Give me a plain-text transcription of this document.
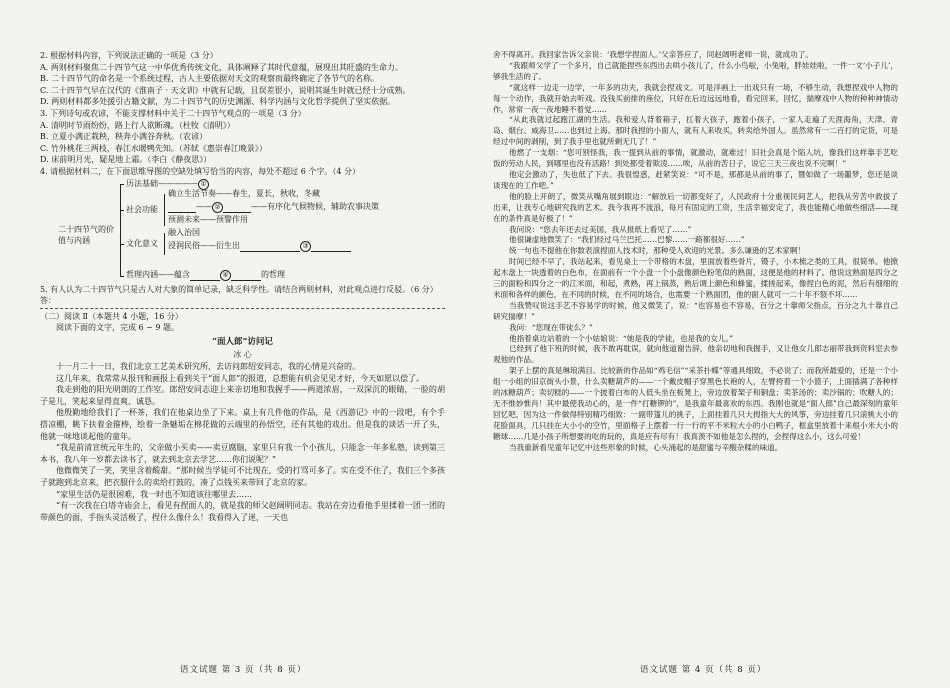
2. 根据材料内容，下列说法正确的一项是（3 分）

A. 两则材料聚焦二十四节气这一中华优秀传统文化，具体阐释了其时代意蕴，展现出其旺盛的生命力。

B. 二十四节气的命名是一个系统过程，古人主要依据对天文的观察而最终确定了各节气的名称。

C. 二十四节气早在汉代的《淮南子 · 天文训》中就有记载，且误差很小，说明其诞生时就已经十分成熟。

D. 两则材料都多处援引古籍文献，为二十四节气的历史渊源、科学内涵与文化哲学提供了坚实依据。

3. 下列诗句或农谚，不能支撑材料中关于二十四节气观点的一项是（3 分）

A. 清明时节雨纷纷，路上行人欲断魂。（杜牧《清明》）

B. 立夏小满正栽秧，秧奔小满谷奔秋。（农谚）

C. 竹外桃花三两枝，春江水暖鸭先知。（苏轼《惠崇春江晚景》）

D. 床前明月光，疑是地上霜。（李白《静夜思》）

4. 请根据材料二，在下面思维导图的空缺处填写恰当的内容，每处不超过 6 个字。（4 分）

二十四节气的价值与内涵
历法基础————— ①
社会功能
确立生活节奏——春生，夏长，秋收，冬藏
—— ②	——有序化气候物候，辅助农事决策
预测未来——预警作用
文化意义
融入治国
浸润民俗——衍生出	③
哲理内涵——蕴含	④	的哲理

5. 有人认为二十四节气只是古人对大象的简单记录，缺乏科学性。请结合两则材料，对此观点进行反驳。（6 分）

答：

（二）阅读 Ⅱ（本题共 4 小题，16 分）

阅读下面的文字，完成 6 ~ 9 题。

“面人郎”访问记

冰 心

十一月二十一日，我们北京工艺美术研究所，去访问郎绍安同志，我的心情是兴奋的。

这几年来，我常常从报刊和画报上看到关于“面人郎”的报道，总想能有机会见见才好，今天如愿以偿了。

我走到他的阳光明朗的工作室。郎绍安同志迎上来亲切地和我握手——两道浓眉，一双深沉的眼睛，一脸的胡子是儿，笑起来显得直爽、诚恳。

他殷勤地给我们了一杯茶，我们在他桌边坐了下来。桌上有几件他的作品，是《西游记》中的一段吧，有个手搭凉棚，眺下扶着金箍棒，绘着一条魅垢在棉花做的云端里的孙悟空，还有其他的戏出。但是我的谈话一开了头，他就一味地谈起他的童年。

“我是前清宣统元年生的，父亲做小买卖——卖豆腐脑，家里只有我一个小孩儿，只能念一年多私塾，读到第三本书，我八年一岁都去读书了，就去到北京去学艺……你们说呢？”

他微微笑了一笑，笑里含着酸甜。“那时候当学徒可不比现在，受的打骂可多了。实在受不住了，我们三个多孩子就跑到北京来，把衣服什么的卖给打鼓的，凑了点钱买来带回了北京的家。

“家里生活仍是很困难，我一时也不知道该往哪里去……

“有一次我在白塔寺庙会上，看见有捏面人的，就是我的师父赵阔明同志。我站在旁边看他手里揉着一团一团的带颜色的面，手指头灵活极了，捏什么像什么！我看得入了迷，一天也

舍不得离开。我回家告诉父亲说：‘我想学捏面人。’父亲答应了，同赵阔明老师一说，就成功了。

“我跟师父学了一个多月，自己就能捏些东西出去哄小孩儿了，什么小鸟啦，小兔啦，胖娃娃啦，一件一文‘小子儿’，够我生活的了。

“就这样一边走一边学，一年多的功夫，我就会捏戏文。可是洋画上一出戏只有一场，不够生动，我想捏戏中人物的每一个动作，我就开始去听戏。没钱买前排的座位，只好在后边远远地看，看完回来，回忆，揣摩戏中人物的种种神情动作，常常一夜一夜地睡不着觉……

“从此我就过起跑江湖的生活。我和爱人背着箱子，扛着大孩子，跑着小孩子，一家人走遍了天涯海角，天津、青岛、烟台、威海卫……也到过上海。那时我捏的小面人，就有人来收买，转卖给外国人。虽然常有一二百打的定货，可是经过中间的剥削，到了我手里也就所剩无几了！”

他燃了一支烟：“您可别怪我，我一提到从前的事情，就激动，就难过！旧社会真是个陷人坑，像我们这样靠手艺吃饭的劳动人民，到哪里也没有活路！到处都受着欺凌……唉，从前的苦日子，说它三天三夜也说不完啊！”

他定会激动了，失也低了下去。我很惶惑，赶紧笑说：“可不是，那都是从前的事了，暨如做了一场噩梦，您还是谈谈现在的工作吧。”

他的脸上开朗了，微笑从嘴角展到眼边：“解放后一切都变好了，人民政府十分重视民间艺人，把我从劳苦中救拔了出来，让我专心地研究我的艺术。我今我再不流浪，每月有固定的工资，生活幸福安定了，我也能精心地做些细活——现在的条件真是好极了！”

我问说：“您去年还去过美国，我从报纸上看见了……”

他很谦虚地微笑了：“我们经过马兰巴托……巴黎……一路都很好……”

统一句也不提他在你数表演捏面人技术时，那种受人欢迎的光景。多么谦逊的艺术家啊！

时间已经不早了，我站起来，看见桌上一个带格的木盘，里面放着些骨片，镊子，小木梳之类的工具，很简单。他掀起木盘上一块透着的白色布，在面前有一个小盘一个小盘像颜色粉笔似的熟面，这便是他的材料了。他说这熟面是四分之三的面粉和四分之一的江米面，和起，煮熟，再上锅蒸，熟后调上颜色和蜂蜜，揉搓起来，像捏白色的泥，然后有细细的米面和各样的颜色，在不同的时候，在不同的场合，也需要一个熟面团，他的面人就可一二十年不裂不坏……

当我赞叹说这手艺不容易学的时候，他又微笑了，说：“也容易也不容易，百分之十靠师父指点，百分之九十靠自己研究揣摩！”

我问：“您现在带徒么？”

他指着桌边站着的一个小姑娘说：“她是我的学徒，也是我的女儿。”

已经到了他下班的时候，我不敢再耽误，就向他道谢告辞，他亲切地和我握手，又让他女儿郎志丽带我到资料室去参观他的作品。

架子上摆的真是琳琅满目。比较新的作品如“鸡毛信”“采茶扑蝶”等通具细致，不必说了；而我所最爱的，还是一个小组一小组的旧京街头小景，什么卖糖葫芦的——一个戴皮帽子穿黑色长袍的人，左臂挎着一个小篮子，上面插满了各种样的冰糖葫芦；卖切糕的——一个披着白布的人低头坐在板凳上，旁边放着架子和铜盘；卖茶汤的；卖沙锅的；吹糖人的；无不惟妙惟肖！其中最使我动心的，是一件“打糖锣的”，是我童年最喜欢的东西。我刚也就是“面人郎”自己最深刻的童年回忆吧，因为这一件做得特别精巧细致：一副带篷儿的挑子，上面挂着几只大拇指大大的风筝，旁边挂着几只滚桃大小的花脸面具，几只挂在大小小的空竹，里面格子上摆着一行一行的平不米粒大小的小白鸭子，框盒里放着十来根小米大小的糖球……几是小孩子所想要的吃的玩的，真是应有尽有！我真羡不如他是怎么捏的，会捏得这么小，这么可爱！

当我重新看见童年记忆中这些形象的时候，心头涌起的是甜蜜与辛酸杂糅的味道。

语文试题 第 3 页（共 8 页）	语文试题 第 4 页（共 8 页）
